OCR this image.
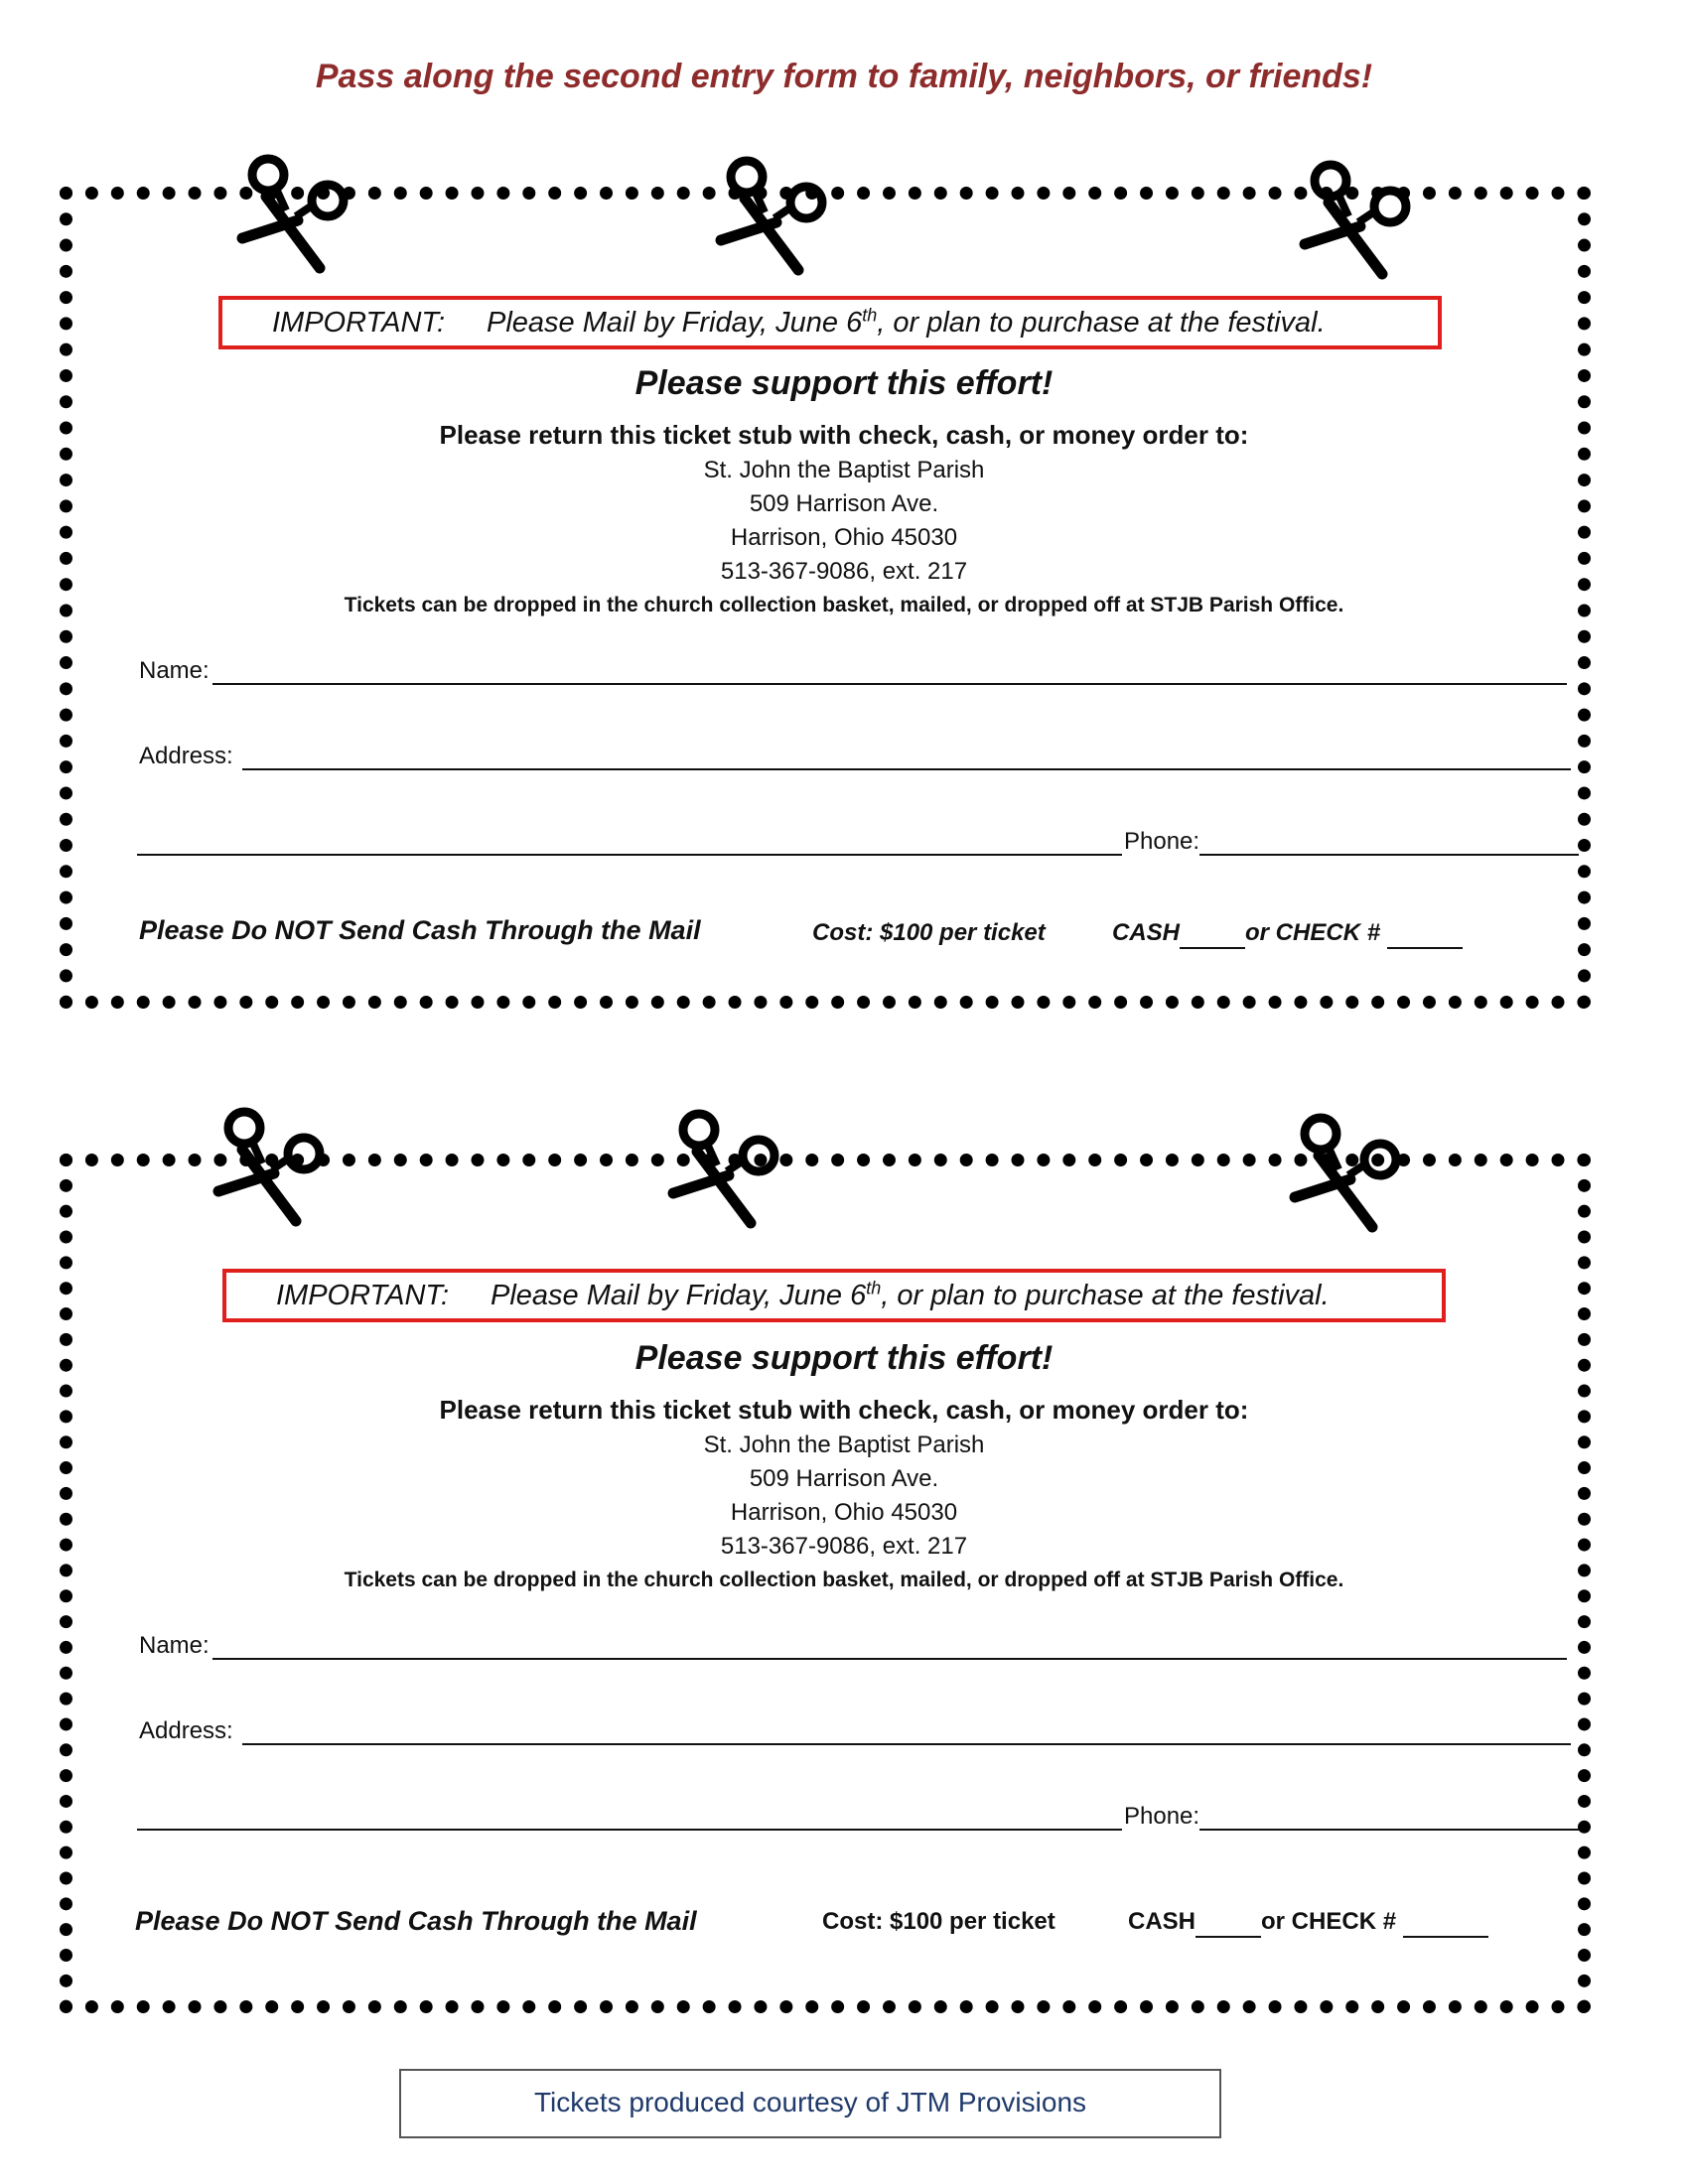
Pass along the second entry form to family, neighbors, or friends!
IMPORTANT: Please Mail by Friday, June 6th, or plan to purchase at the festival.
Please support this effort!
Please return this ticket stub with check, cash, or money order to:
St. John the Baptist Parish
509 Harrison Ave.
Harrison, Ohio 45030
513-367-9086, ext. 217
Tickets can be dropped in the church collection basket, mailed, or dropped off at STJB Parish Office.
Name:
Address:
Phone:
Please Do NOT Send Cash Through the Mail	Cost: $100 per ticket	CASH	or CHECK #
IMPORTANT: Please Mail by Friday, June 6th, or plan to purchase at the festival.
Please support this effort!
Please return this ticket stub with check, cash, or money order to:
St. John the Baptist Parish
509 Harrison Ave.
Harrison, Ohio 45030
513-367-9086, ext. 217
Tickets can be dropped in the church collection basket, mailed, or dropped off at STJB Parish Office.
Name:
Address:
Phone:
Please Do NOT Send Cash Through the Mail	Cost: $100 per ticket	CASH	or CHECK #
Tickets produced courtesy of JTM Provisions
